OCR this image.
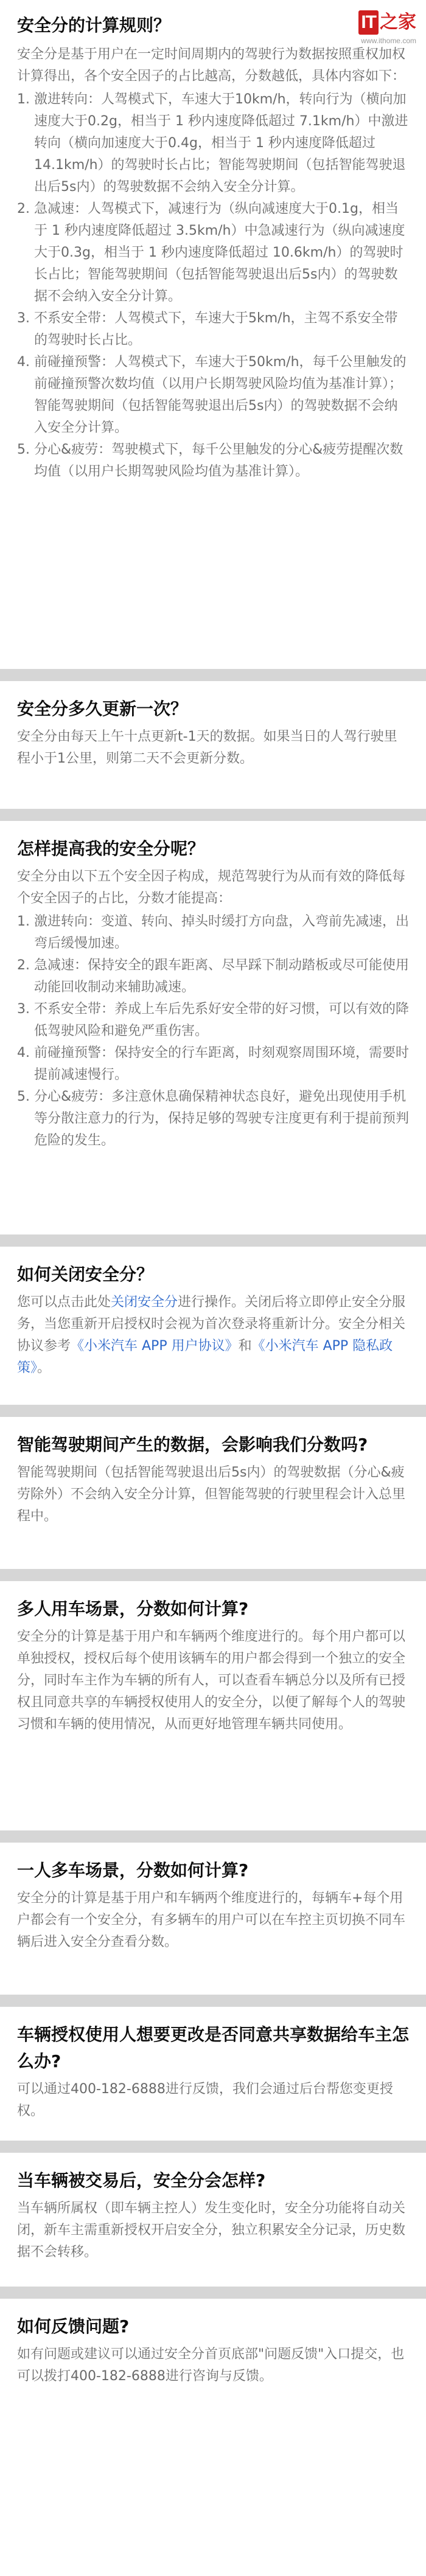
安全分的计算规则？

安全分是基于用户在一定时间周期内的驾驶行为数据按照重权加权计算得出，各个安全因子的占比越高，分数越低，具体内容如下：

1. 激进转向：人驾模式下，车速大于10km/h，转向行为（横向加速度大于0.2g，相当于 1 秒内速度降低超过 7.1km/h）中激进转向（横向加速度大于0.4g，相当于 1 秒内速度降低超过14.1km/h）的驾驶时长占比；智能驾驶期间（包括智能驾驶退出后5s内）的驾驶数据不会纳入安全分计算。
2. 急减速：人驾模式下，减速行为（纵向减速度大于0.1g，相当于 1 秒内速度降低超过 3.5km/h）中急减速行为（纵向减速度大于0.3g，相当于 1 秒内速度降低超过 10.6km/h）的驾驶时长占比；智能驾驶期间（包括智能驾驶退出后5s内）的驾驶数据不会纳入安全分计算。
3. 不系安全带：人驾模式下，车速大于5km/h，主驾不系安全带的驾驶时长占比。
4. 前碰撞预警：人驾模式下，车速大于50km/h，每千公里触发的前碰撞预警次数均值（以用户长期驾驶风险均值为基准计算）；智能驾驶期间（包括智能驾驶退出后5s内）的驾驶数据不会纳入安全分计算。
5. 分心&疲劳：驾驶模式下，每千公里触发的分心&疲劳提醒次数均值（以用户长期驾驶风险均值为基准计算）。
IT 之家
www.ithome.com
安全分多久更新一次？

安全分由每天上午十点更新t-1天的数据。如果当日的人驾行驶里程小于1公里，则第二天不会更新分数。

怎样提高我的安全分呢？

安全分由以下五个安全因子构成，规范驾驶行为从而有效的降低每个安全因子的占比，分数才能提高：

1. 激进转向：变道、转向、掉头时缓打方向盘，入弯前先减速，出弯后缓慢加速。
2. 急减速：保持安全的跟车距离、尽早踩下制动踏板或尽可能使用动能回收制动来辅助减速。
3. 不系安全带：养成上车后先系好安全带的好习惯，可以有效的降低驾驶风险和避免严重伤害。
4. 前碰撞预警：保持安全的行车距离，时刻观察周围环境，需要时提前减速慢行。
5. 分心&疲劳：多注意休息确保精神状态良好，避免出现使用手机等分散注意力的行为，保持足够的驾驶专注度更有利于提前预判危险的发生。
如何关闭安全分？

您可以点击此处关闭安全分进行操作。关闭后将立即停止安全分服务，当您重新开启授权时会视为首次登录将重新计分。安全分相关协议参考《小米汽车 APP 用户协议》和《小米汽车 APP 隐私政策》。

智能驾驶期间产生的数据，会影响我们分数吗?

智能驾驶期间（包括智能驾驶退出后5s内）的驾驶数据（分心&疲劳除外）不会纳入安全分计算，但智能驾驶的行驶里程会计入总里程中。

多人用车场景，分数如何计算?

安全分的计算是基于用户和车辆两个维度进行的。每个用户都可以单独授权，授权后每个使用该辆车的用户都会得到一个独立的安全分，同时车主作为车辆的所有人，可以查看车辆总分以及所有已授权且同意共享的车辆授权使用人的安全分，以便了解每个人的驾驶习惯和车辆的使用情况，从而更好地管理车辆共同使用。

一人多车场景，分数如何计算?

安全分的计算是基于用户和车辆两个维度进行的，每辆车+每个用户都会有一个安全分，有多辆车的用户可以在车控主页切换不同车辆后进入安全分查看分数。

车辆授权使用人想要更改是否同意共享数据给车主怎么办?

可以通过400-182-6888进行反馈，我们会通过后台帮您变更授权。

当车辆被交易后，安全分会怎样?

当车辆所属权（即车辆主控人）发生变化时，安全分功能将自动关闭，新车主需重新授权开启安全分，独立积累安全分记录，历史数据不会转移。

如何反馈问题?

如有问题或建议可以通过安全分首页底部"问题反馈"入口提交，也可以拨打400-182-6888进行咨询与反馈。
